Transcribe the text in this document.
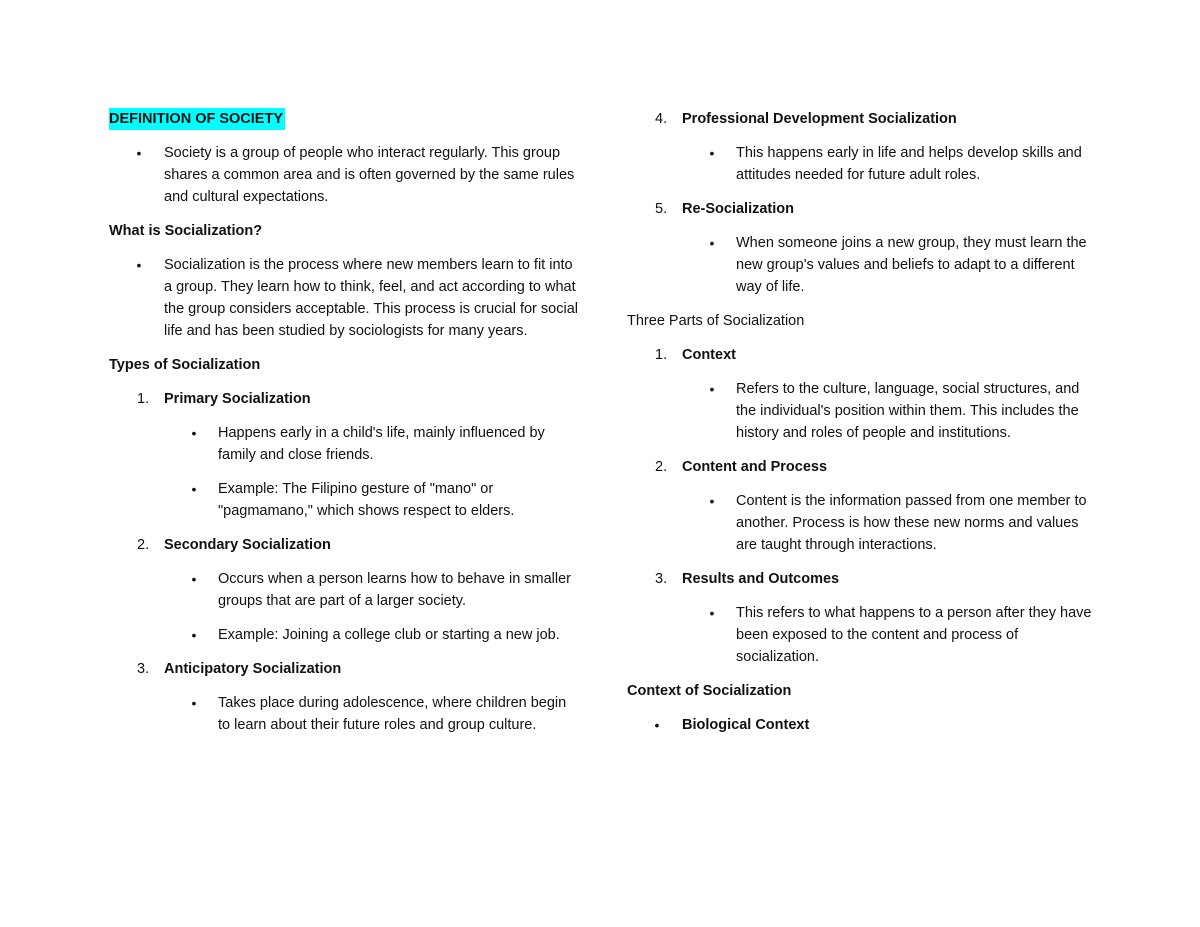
DEFINITION OF SOCIETY

• Society is a group of people who interact regularly. This group shares a common area and is often governed by the same rules and cultural expectations.

What is Socialization?

• Socialization is the process where new members learn to fit into a group. They learn how to think, feel, and act according to what the group considers acceptable. This process is crucial for social life and has been studied by sociologists for many years.

Types of Socialization

1. Primary Socialization

• Happens early in a child's life, mainly influenced by family and close friends.

• Example: The Filipino gesture of "mano" or "pagmamano," which shows respect to elders.

2. Secondary Socialization

• Occurs when a person learns how to behave in smaller groups that are part of a larger society.

• Example: Joining a college club or starting a new job.

3. Anticipatory Socialization

• Takes place during adolescence, where children begin to learn about their future roles and group culture.

4. Professional Development Socialization

• This happens early in life and helps develop skills and attitudes needed for future adult roles.

5. Re-Socialization

• When someone joins a new group, they must learn the new group's values and beliefs to adapt to a different way of life.

Three Parts of Socialization

1. Context

• Refers to the culture, language, social structures, and the individual's position within them. This includes the history and roles of people and institutions.

2. Content and Process

• Content is the information passed from one member to another. Process is how these new norms and values are taught through interactions.

3. Results and Outcomes

• This refers to what happens to a person after they have been exposed to the content and process of socialization.

Context of Socialization

• Biological Context
